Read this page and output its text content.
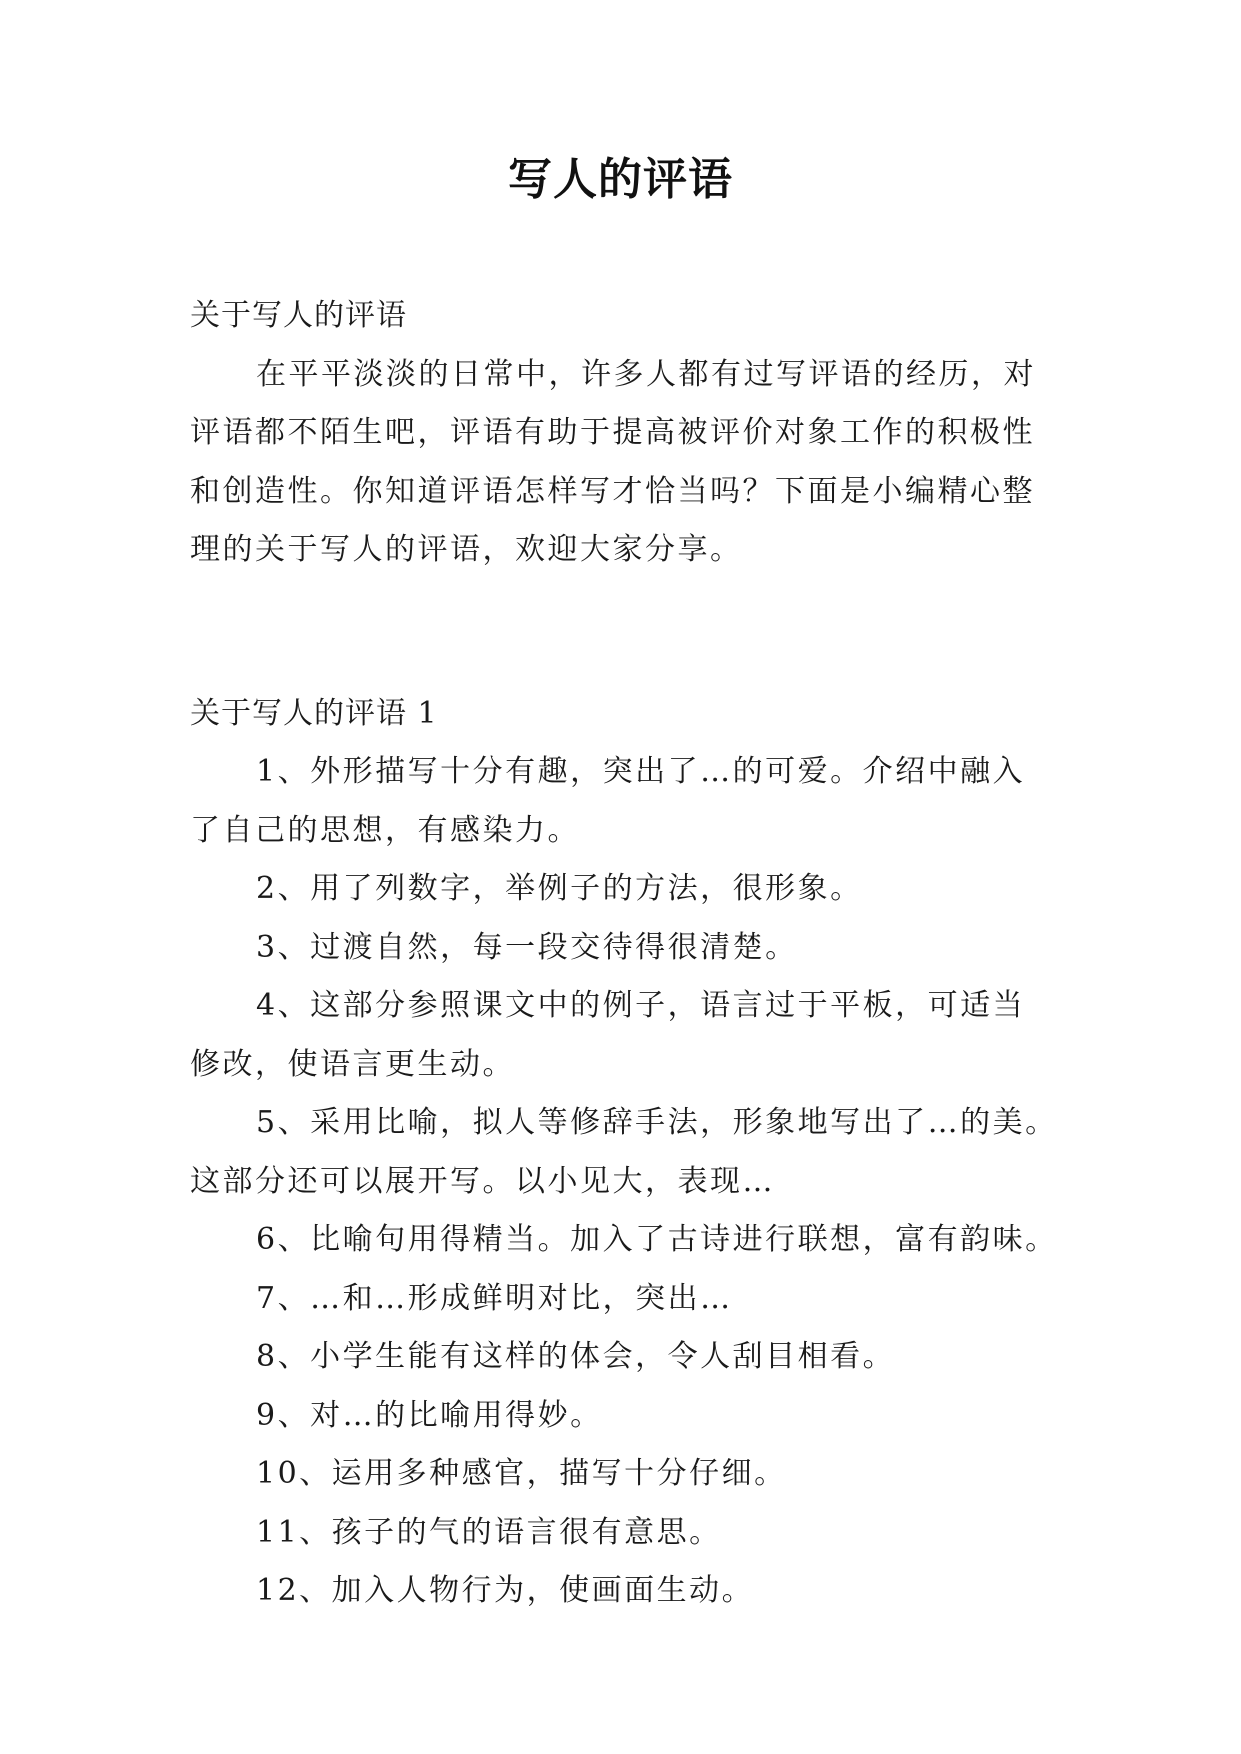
写人的评语
关于写人的评语
在平平淡淡的日常中，许多人都有过写评语的经历，对
评语都不陌生吧，评语有助于提高被评价对象工作的积极性
和创造性。你知道评语怎样写才恰当吗？下面是小编精心整
理的关于写人的评语，欢迎大家分享。
关于写人的评语 1
1、外形描写十分有趣，突出了…的可爱。介绍中融入
了自己的思想，有感染力。
2、用了列数字，举例子的方法，很形象。
3、过渡自然，每一段交待得很清楚。
4、这部分参照课文中的例子，语言过于平板，可适当
修改，使语言更生动。
5、采用比喻，拟人等修辞手法，形象地写出了…的美。
这部分还可以展开写。以小见大，表现…
6、比喻句用得精当。加入了古诗进行联想，富有韵味。
7、…和…形成鲜明对比，突出…
8、小学生能有这样的体会，令人刮目相看。
9、对…的比喻用得妙。
10、运用多种感官，描写十分仔细。
11、孩子的气的语言很有意思。
12、加入人物行为，使画面生动。
